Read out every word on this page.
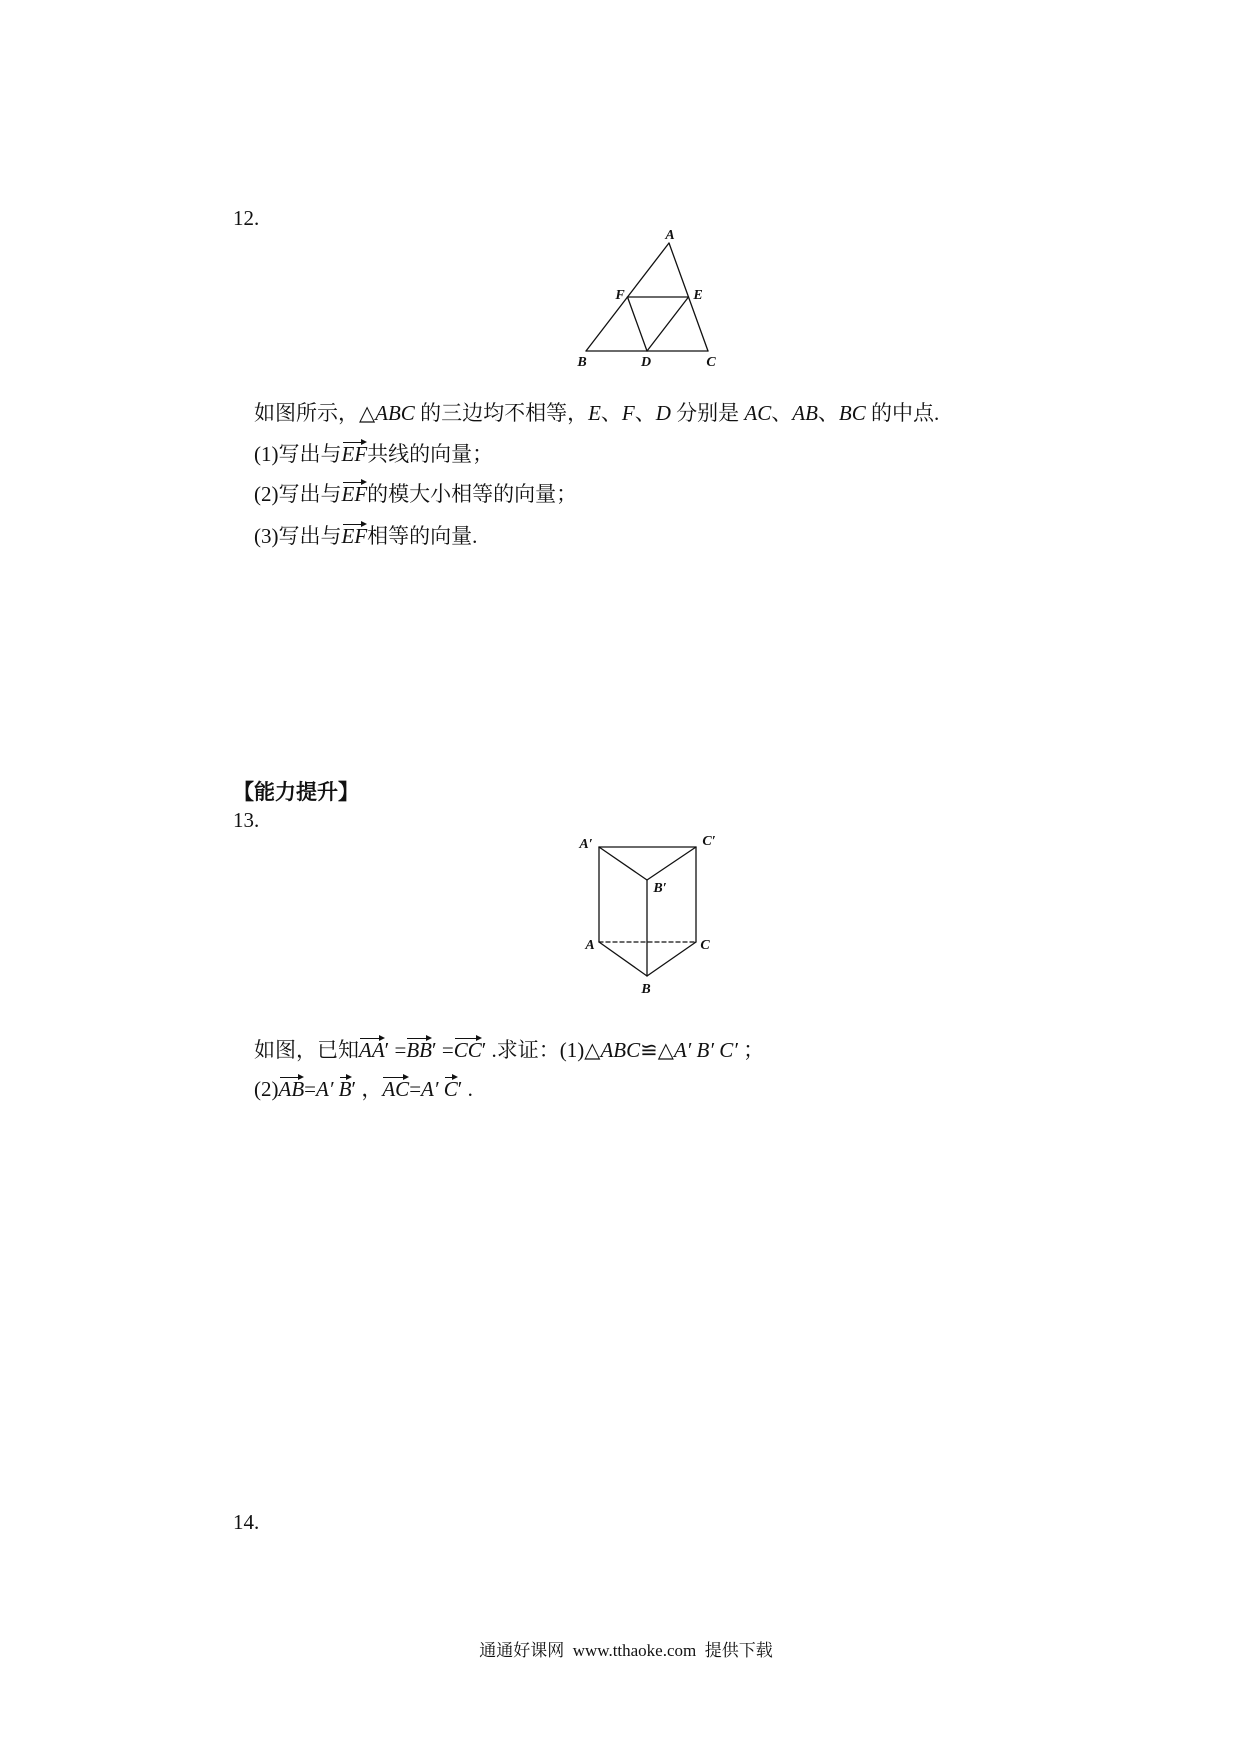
12.
A
B	D	C
F	E

如图所示，△ABC 的三边均不相等，E、F、D 分别是 AC、AB、BC 的中点.

(1)写出与EF共线的向量；

(2)写出与EF的模大小相等的向量；

(3)写出与EF相等的向量.

【能力提升】
13.
A′	C′
B′
A	C
B

如图，已知AA′ =BB′ =CC′ .求证：(1)△ABC≌△A′ B′ C′ ；

(2)AB=A′ B′ ，AC=A′ C′ .

14.
通通好课网  www.tthaoke.com  提供下载
